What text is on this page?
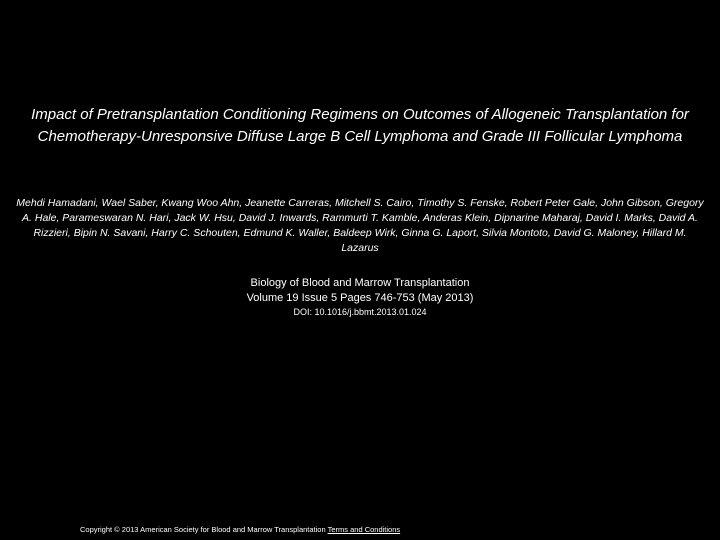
Impact of Pretransplantation Conditioning Regimens on Outcomes of Allogeneic Transplantation for Chemotherapy-Unresponsive Diffuse Large B Cell Lymphoma and Grade III Follicular Lymphoma
Mehdi Hamadani, Wael Saber, Kwang Woo Ahn, Jeanette Carreras, Mitchell S. Cairo, Timothy S. Fenske, Robert Peter Gale, John Gibson, Gregory A. Hale, Parameswaran N. Hari, Jack W. Hsu, David J. Inwards, Rammurti T. Kamble, Anderas Klein, Dipnarine Maharaj, David I. Marks, David A. Rizzieri, Bipin N. Savani, Harry C. Schouten, Edmund K. Waller, Baldeep Wirk, Ginna G. Laport, Silvia Montoto, David G. Maloney, Hillard M. Lazarus
Biology of Blood and Marrow Transplantation
Volume 19 Issue 5 Pages 746-753 (May 2013)
DOI: 10.1016/j.bbmt.2013.01.024
Copyright © 2013 American Society for Blood and Marrow Transplantation Terms and Conditions
